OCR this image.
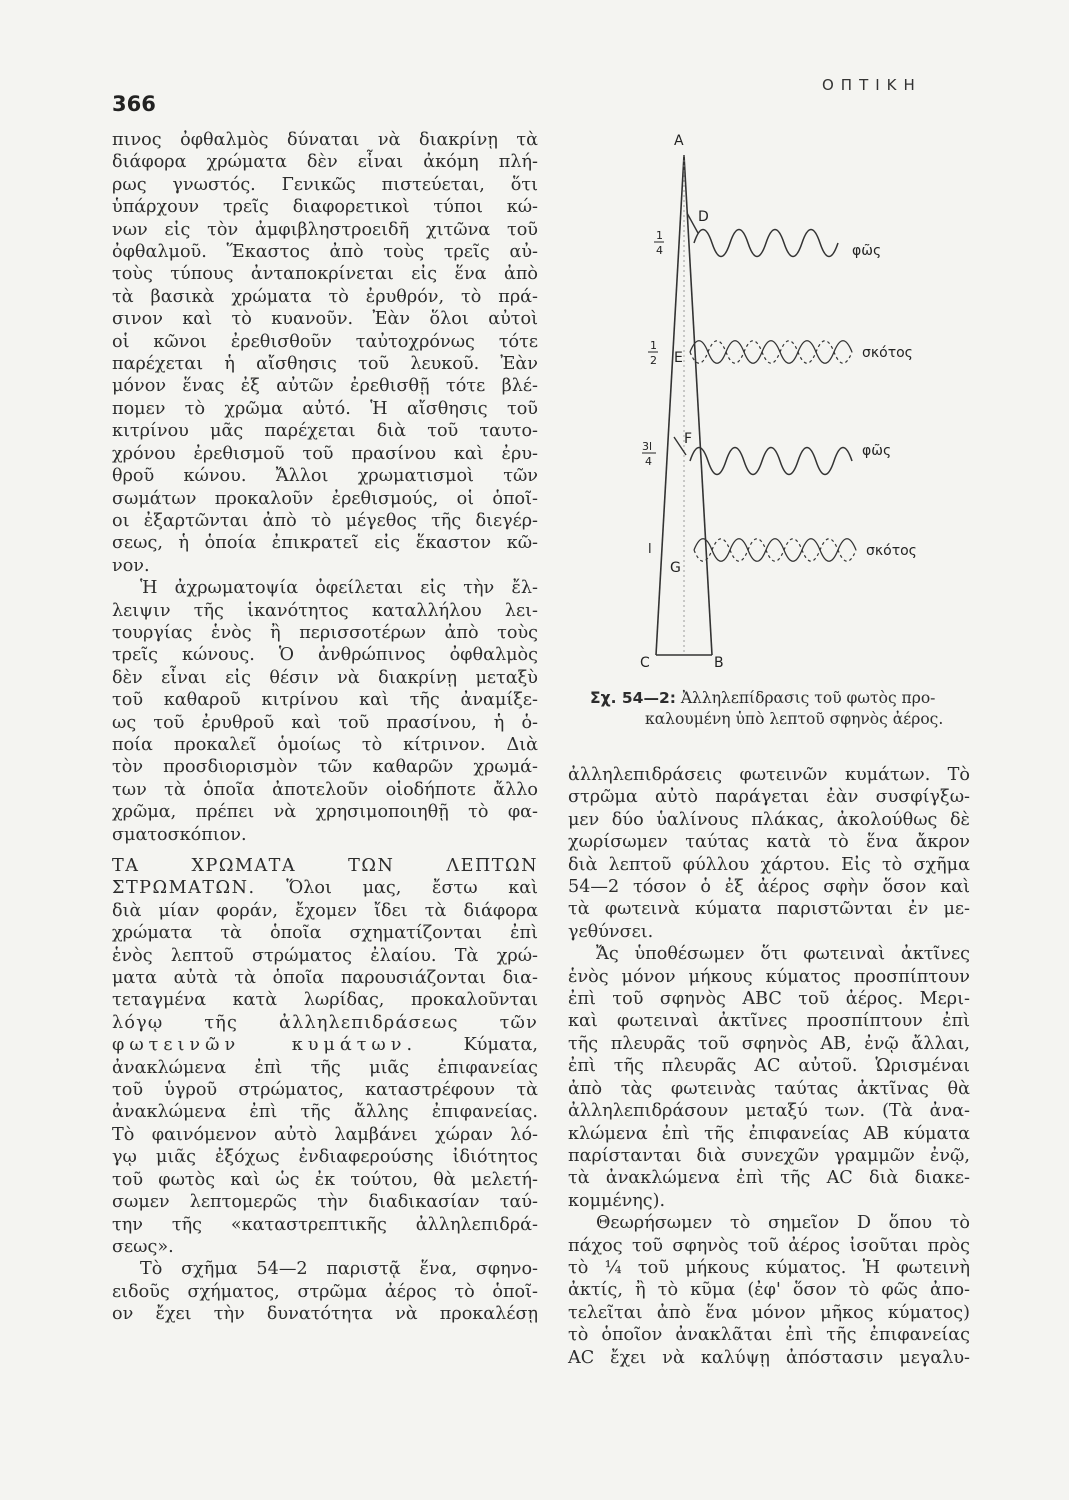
366
ΟΠΤΙΚΗ
πινος ὀφθαλμὸς δύναται νὰ διακρίνῃ τὰ
διάφορα χρώματα δὲν εἶναι ἀκόμη πλή-
ρως γνωστός. Γενικῶς πιστεύεται, ὅτι
ὑπάρχουν τρεῖς διαφορετικοὶ τύποι κώ-
νων εἰς τὸν ἀμφιβληστροειδῆ χιτῶνα τοῦ
ὀφθαλμοῦ. Ἕκαστος ἀπὸ τοὺς τρεῖς αὐ-
τοὺς τύπους ἀνταποκρίνεται εἰς ἕνα ἀπὸ
τὰ βασικὰ χρώματα τὸ ἐρυθρόν, τὸ πρά-
σινον καὶ τὸ κυανοῦν. Ἐὰν ὅλοι αὐτοὶ
οἱ κῶνοι ἐρεθισθοῦν ταὐτοχρόνως τότε
παρέχεται ἡ αἴσθησις τοῦ λευκοῦ. Ἐὰν
μόνον ἕνας ἐξ αὐτῶν ἐρεθισθῇ τότε βλέ-
πομεν τὸ χρῶμα αὐτό. Ἡ αἴσθησις τοῦ
κιτρίνου μᾶς παρέχεται διὰ τοῦ ταυτο-
χρόνου ἐρεθισμοῦ τοῦ πρασίνου καὶ ἐρυ-
θροῦ κώνου. Ἄλλοι χρωματισμοὶ τῶν
σωμάτων προκαλοῦν ἐρεθισμούς, οἱ ὁποῖ-
οι ἐξαρτῶνται ἀπὸ τὸ μέγεθος τῆς διεγέρ-
σεως, ἡ ὁποία ἐπικρατεῖ εἰς ἕκαστον κῶ-
νον.
Ἡ ἀχρωματοψία ὀφείλεται εἰς τὴν ἔλ-
λειψιν τῆς ἱκανότητος καταλλήλου λει-
τουργίας ἑνὸς ἢ περισσοτέρων ἀπὸ τοὺς
τρεῖς κώνους. Ὁ ἀνθρώπινος ὀφθαλμὸς
δὲν εἶναι εἰς θέσιν νὰ διακρίνῃ μεταξὺ
τοῦ καθαροῦ κιτρίνου καὶ τῆς ἀναμίξε-
ως τοῦ ἐρυθροῦ καὶ τοῦ πρασίνου, ἡ ὁ-
ποία προκαλεῖ ὁμοίως τὸ κίτρινον. Διὰ
τὸν προσδιορισμὸν τῶν καθαρῶν χρωμά-
των τὰ ὁποῖα ἀποτελοῦν οἱοδήποτε ἄλλο
χρῶμα, πρέπει νὰ χρησιμοποιηθῇ τὸ φα-
σματοσκόπιον.
ΤΑ ΧΡΩΜΑΤΑ ΤΩΝ ΛΕΠΤΩΝ
ΣΤΡΩΜΑΤΩΝ. Ὅλοι μας, ἔστω καὶ
διὰ μίαν φοράν, ἔχομεν ἴδει τὰ διάφορα
χρώματα τὰ ὁποῖα σχηματίζονται ἐπὶ
ἑνὸς λεπτοῦ στρώματος ἐλαίου. Τὰ χρώ-
ματα αὐτὰ τὰ ὁποῖα παρουσιάζονται δια-
τεταγμένα κατὰ λωρίδας, προκαλοῦνται
λόγῳ τῆς ἀλληλεπιδράσεως τῶν
φωτεινῶν κυμάτων. Κύματα,
ἀνακλώμενα ἐπὶ τῆς μιᾶς ἐπιφανείας
τοῦ ὑγροῦ στρώματος, καταστρέφουν τὰ
ἀνακλώμενα ἐπὶ τῆς ἄλλης ἐπιφανείας.
Τὸ φαινόμενον αὐτὸ λαμβάνει χώραν λό-
γῳ μιᾶς ἐξόχως ἐνδιαφερούσης ἰδιότητος
τοῦ φωτὸς καὶ ὡς ἐκ τούτου, θὰ μελετή-
σωμεν λεπτομερῶς τὴν διαδικασίαν ταύ-
την τῆς «καταστρεπτικῆς ἀλληλεπιδρά-
σεως».
Τὸ σχῆμα 54—2 παριστᾷ ἕνα, σφηνο-
ειδοῦς σχήματος, στρῶμα ἀέρος τὸ ὁποῖ-
ον ἔχει τὴν δυνατότητα νὰ προκαλέσῃ
A
C	B
D
E
F
G
1
4
1
2
3l
4
l
φῶς
σκότος
φῶς
σκότος
Σχ. 54—2: Ἀλληλεπίδρασις τοῦ φωτὸς προ-
καλουμένη ὑπὸ λεπτοῦ σφηνὸς ἀέρος.
ἀλληλεπιδράσεις φωτεινῶν κυμάτων. Τὸ
στρῶμα αὐτὸ παράγεται ἐὰν συσφίγξω-
μεν δύο ὑαλίνους πλάκας, ἀκολούθως δὲ
χωρίσωμεν ταύτας κατὰ τὸ ἕνα ἄκρον
διὰ λεπτοῦ φύλλου χάρτου. Εἰς τὸ σχῆμα
54—2 τόσον ὁ ἐξ ἀέρος σφὴν ὅσον καὶ
τὰ φωτεινὰ κύματα παριστῶνται ἐν με-
γεθύνσει.
Ἄς ὑποθέσωμεν ὅτι φωτειναὶ ἀκτῖνες
ἑνὸς μόνον μήκους κύματος προσπίπτουν
ἐπὶ τοῦ σφηνὸς ABC τοῦ ἀέρος. Μερι-
καὶ φωτειναὶ ἀκτῖνες προσπίπτουν ἐπὶ
τῆς πλευρᾶς τοῦ σφηνὸς AB, ἐνῷ ἄλλαι,
ἐπὶ τῆς πλευρᾶς AC αὐτοῦ. Ὡρισμέναι
ἀπὸ τὰς φωτεινὰς ταύτας ἀκτῖνας θὰ
ἀλληλεπιδράσουν μεταξύ των. (Τὰ ἀνα-
κλώμενα ἐπὶ τῆς ἐπιφανείας AB κύματα
παρίστανται διὰ συνεχῶν γραμμῶν ἐνῷ,
τὰ ἀνακλώμενα ἐπὶ τῆς AC διὰ διακε-
κομμένης).
Θεωρήσωμεν τὸ σημεῖον D ὅπου τὸ
πάχος τοῦ σφηνὸς τοῦ ἀέρος ἰσοῦται πρὸς
τὸ ¼ τοῦ μήκους κύματος. Ἡ φωτεινὴ
ἀκτίς, ἢ τὸ κῦμα (ἐφ' ὅσον τὸ φῶς ἀπο-
τελεῖται ἀπὸ ἕνα μόνον μῆκος κύματος)
τὸ ὁποῖον ἀνακλᾶται ἐπὶ τῆς ἐπιφανείας
AC ἔχει νὰ καλύψῃ ἀπόστασιν μεγαλυ-
